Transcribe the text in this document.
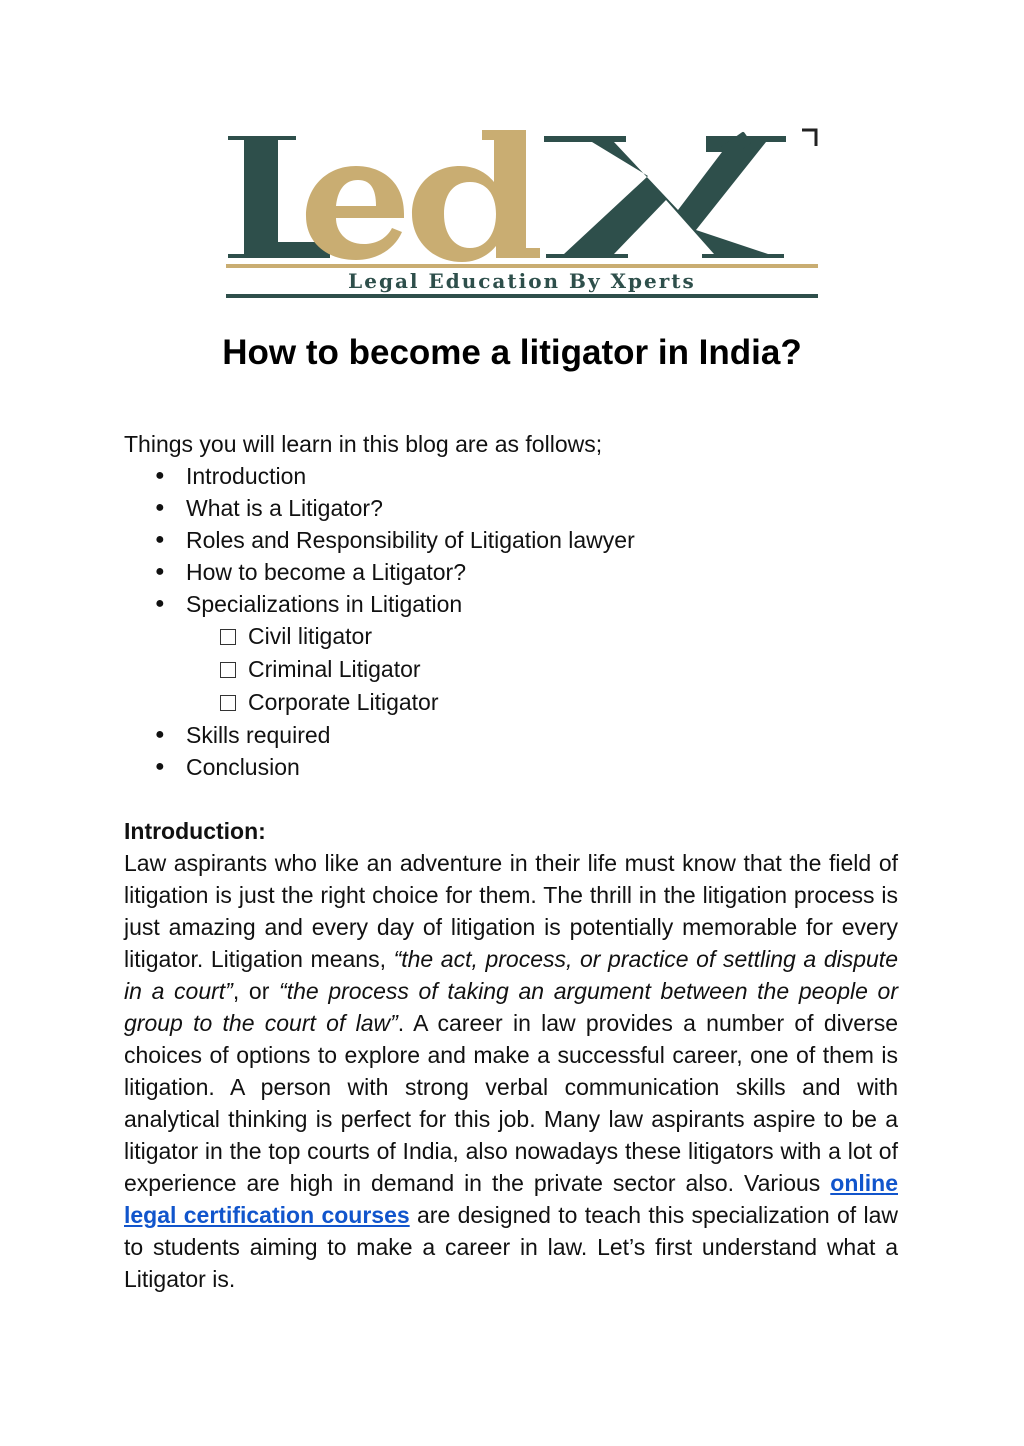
Legal Education By Xperts
How to become a litigator in India?

Things you will learn in this blog are as follows;

● Introduction
● What is a Litigator?
● Roles and Responsibility of Litigation lawyer
● How to become a Litigator?
● Specializations in Litigation
Civil litigator
Criminal Litigator
Corporate Litigator
● Skills required
● Conclusion

Introduction:

Law aspirants who like an adventure in their life must know that the field of litigation is just the right choice for them. The thrill in the litigation process is just amazing and every day of litigation is potentially memorable for every litigator. Litigation means, “the act, process, or practice of settling a dispute in a court”, or “the process of taking an argument between the people or group to the court of law”. A career in law provides a number of diverse choices of options to explore and make a successful career, one of them is litigation. A person with strong verbal communication skills and with analytical thinking is perfect for this job. Many law aspirants aspire to be a litigator in the top courts of India, also nowadays these litigators with a lot of experience are high in demand in the private sector also. Various online legal certification courses are designed to teach this specialization of law to students aiming to make a career in law. Let’s first understand what a Litigator is.
